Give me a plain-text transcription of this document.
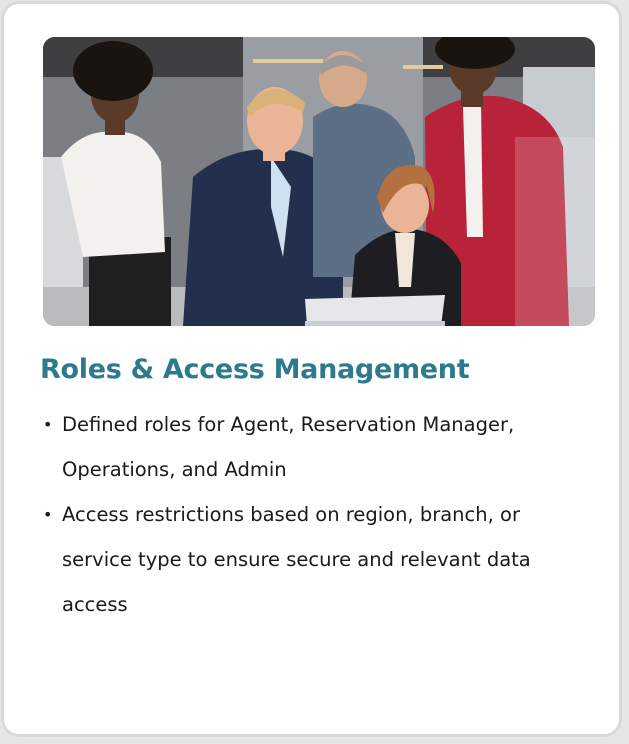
Roles & Access Management
• Defined roles for Agent, Reservation Manager, Operations, and Admin
• Access restrictions based on region, branch, or service type to ensure secure and relevant data access
